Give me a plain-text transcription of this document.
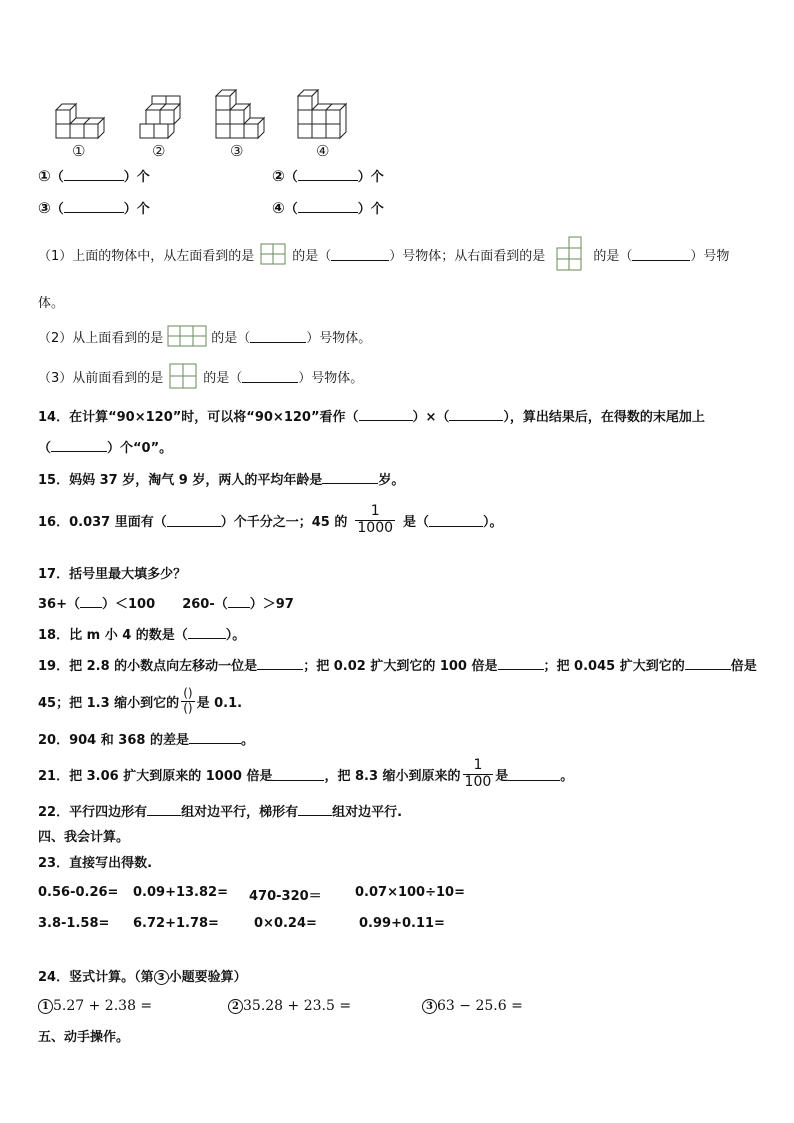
①	②	③	④
①（	）个	②（	）个
③（	）个	④（	）个
（1）上面的物体中，从左面看到的是	的是（	）号物体；从右面看到的是	的是（	）号物
体。
（2）从上面看到的是	的是（	）号物体。
（3）从前面看到的是	的是（	）号物体。
14．在计算“90×120”时，可以将“90×120”看作（	）×（	），算出结果后，在得数的末尾加上
（	）个“0”。
15．妈妈 37 岁，淘气 9 岁，两人的平均年龄是	岁。
16．0.037 里面有（	）个千分之一；45 的 $\frac{1}{1000}$ 是（	）。
17．括号里最大填多少？
36+（ ）＜100 260-（ ）＞97
18．比 m 小 4 的数是（	）。
19．把 2.8 的小数点向左移动一位是	；把 0.02 扩大到它的 100 倍是	；把 0.045 扩大到它的	倍是
45；把 1.3 缩小到它的 $\frac{()}{()}$ 是 0.1.
20．904 和 368 的差是	。
21．把 3.06 扩大到原来的 1000 倍是	，把 8.3 缩小到原来的 $\frac{1}{100}$ 是	。
22．平行四边形有	组对边平行，梯形有	组对边平行.
四、我会计算。
23．直接写出得数.
0.56-0.26= 0.09+13.82= 470-320＝	0.07×100÷10=
3.8-1.58= 6.72+1.78=	0×0.24=	0.99+0.11=
24．竖式计算。（第 3 小题要验算）
1 5.27 + 2.38 =	2 35.28 + 23.5 =	3 63 − 25.6 =
五、动手操作。
